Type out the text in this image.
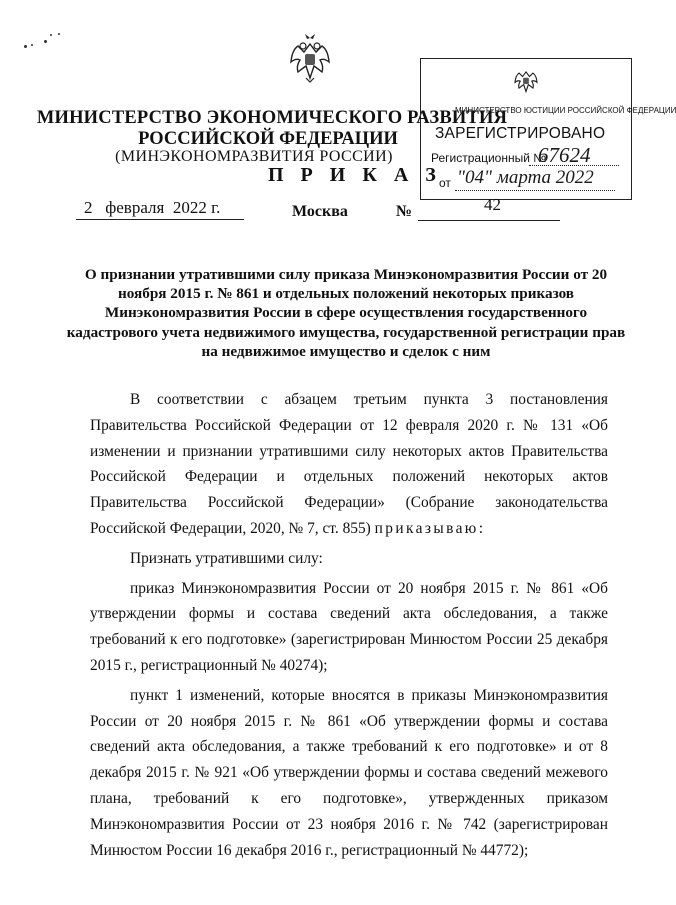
МИНИСТЕРСТВО ЭКОНОМИЧЕСКОГО РАЗВИТИЯ
РОССИЙСКОЙ ФЕДЕРАЦИИ
(МИНЭКОНОМРАЗВИТИЯ РОССИИ)
П Р И К А З
МИНИСТЕРСТВО ЮСТИЦИИ РОССИЙСКОЙ ФЕДЕРАЦИИ
ЗАРЕГИСТРИРОВАНО
Регистрационный №
67624
от "04" марта 2022
2   февраля  2022 г.	Москва	№	42
О признании утратившими силу приказа Минэкономразвития России от 20 ноября 2015 г. № 861 и отдельных положений некоторых приказов Минэкономразвития России в сфере осуществления государственного кадастрового учета недвижимого имущества, государственной регистрации прав на недвижимое имущество и сделок с ним

В соответствии с абзацем третьим пункта 3 постановления Правительства Российской Федерации от 12 февраля 2020 г. № 131 «Об изменении и признании утратившими силу некоторых актов Правительства Российской Федерации и отдельных положений некоторых актов Правительства Российской Федерации» (Собрание законодательства Российской Федерации, 2020, № 7, ст. 855) приказываю:

Признать утратившими силу:

приказ Минэкономразвития России от 20 ноября 2015 г. № 861 «Об утверждении формы и состава сведений акта обследования, а также требований к его подготовке» (зарегистрирован Минюстом России 25 декабря 2015 г., регистрационный № 40274);

пункт 1 изменений, которые вносятся в приказы Минэкономразвития России от 20 ноября 2015 г. № 861 «Об утверждении формы и состава сведений акта обследования, а также требований к его подготовке» и от 8 декабря 2015 г. № 921 «Об утверждении формы и состава сведений межевого плана, требований к его подготовке», утвержденных приказом Минэкономразвития России от 23 ноября 2016 г. № 742 (зарегистрирован Минюстом России 16 декабря 2016 г., регистрационный № 44772);
